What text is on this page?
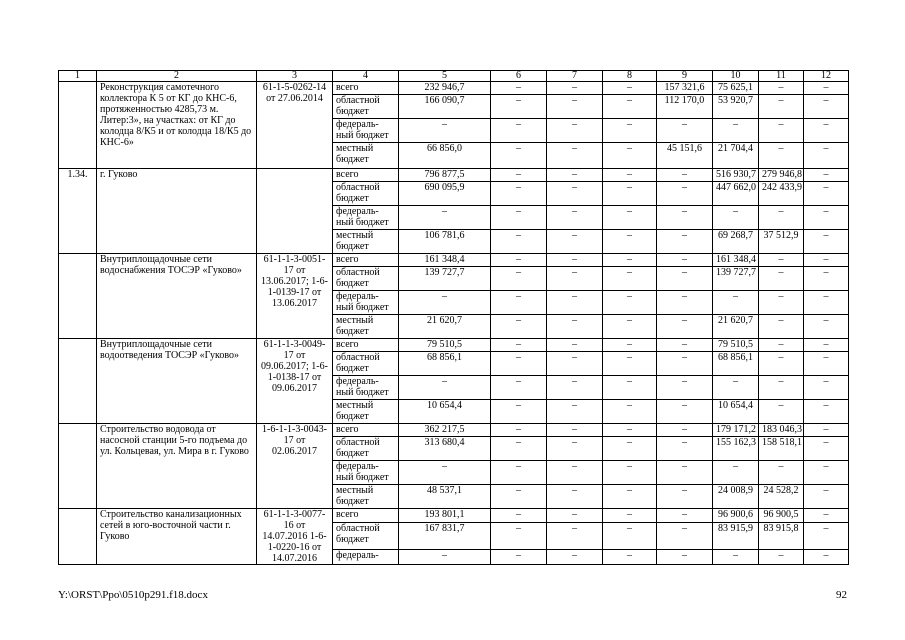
1	2	3	4	5	6	7	8	9	10	11	12
	Реконструкция самотечного коллектора К 5 от КГ до КНС-6, протяженностью 4285,73 м. Литер:3», на участках: от КГ до колодца 8/К5 и от колодца 18/К5 до КНС-6»	61-1-5-0262-14 от 27.06.2014	всего	232 946,7	–	–	–	157 321,6	75 625,1	–	–
			областной бюджет	166 090,7	–	–	–	112 170,0	53 920,7	–	–
			федераль-ный бюджет	–	–	–	–	–	–	–	–
			местный бюджет	66 856,0	–	–	–	45 151,6	21 704,4	–	–
1.34.	г. Гуково		всего	796 877,5	–	–	–	–	516 930,7	279 946,8	–
			областной бюджет	690 095,9	–	–	–	–	447 662,0	242 433,9	–
			федераль-ный бюджет	–	–	–	–	–	–	–	–
			местный бюджет	106 781,6	–	–	–	–	69 268,7	37 512,9	–
	Внутриплощадочные сети водоснабжения ТОСЭР «Гуково»	61-1-1-3-0051-17 от 13.06.2017; 1-6-1-0139-17 от 13.06.2017	всего	161 348,4	–	–	–	–	161 348,4	–	–
			областной бюджет	139 727,7	–	–	–	–	139 727,7	–	–
			федераль-ный бюджет	–	–	–	–	–	–	–	–
			местный бюджет	21 620,7	–	–	–	–	21 620,7	–	–
	Внутриплощадочные сети водоотведения ТОСЭР «Гуково»	61-1-1-3-0049-17 от 09.06.2017; 1-6-1-0138-17 от 09.06.2017	всего	79 510,5	–	–	–	–	79 510,5	–	–
			областной бюджет	68 856,1	–	–	–	–	68 856,1	–	–
			федераль-ный бюджет	–	–	–	–	–	–	–	–
			местный бюджет	10 654,4	–	–	–	–	10 654,4	–	–
	Строительство водовода от насосной станции 5-го подъема до ул. Кольцевая, ул. Мира в г. Гуково	1-6-1-1-3-0043-17 от 02.06.2017	всего	362 217,5	–	–	–	–	179 171,2	183 046,3	–
			областной бюджет	313 680,4	–	–	–	–	155 162,3	158 518,1	–
			федераль-ный бюджет	–	–	–	–	–	–	–	–
			местный бюджет	48 537,1	–	–	–	–	24 008,9	24 528,2	–
	Строительство канализационных сетей в юго-восточной части г. Гуково	61-1-1-3-0077-16 от 14.07.2016 1-6-1-0220-16 от 14.07.2016	всего	193 801,1	–	–	–	–	96 900,6	96 900,5	–
			областной бюджет	167 831,7	–	–	–	–	83 915,9	83 915,8	–
			федераль-	–	–	–	–	–	–	–	–
Y:\ORST\Ppo\0510p291.f18.docx	92
